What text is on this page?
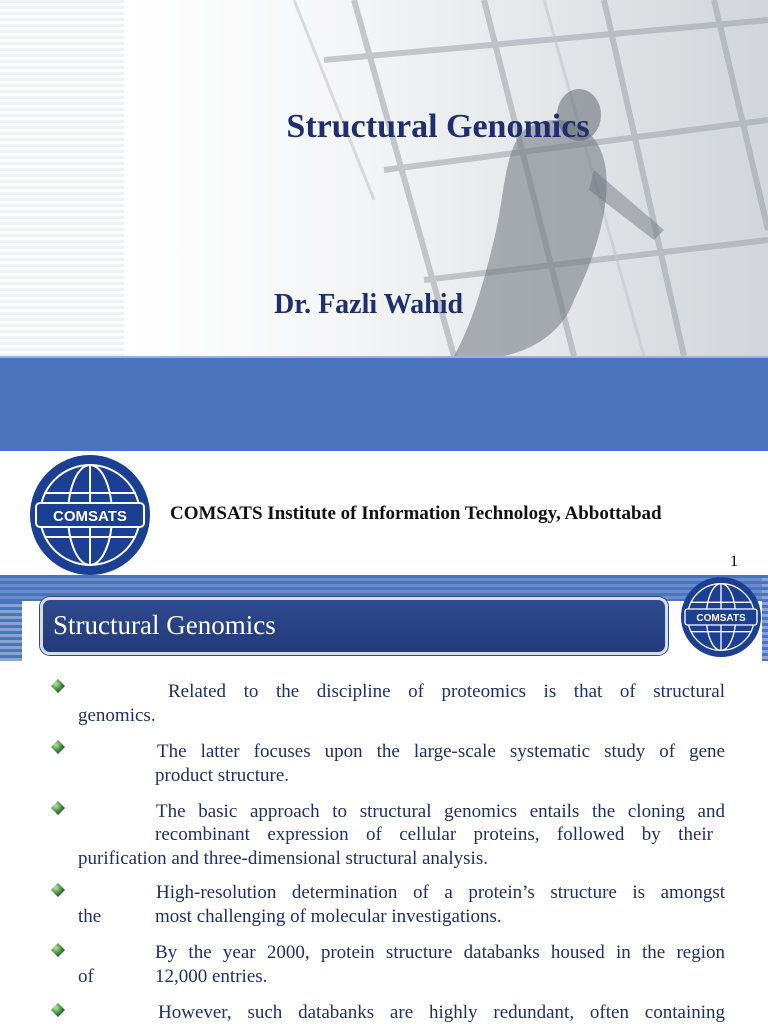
Structural Genomics
Dr. Fazli Wahid
COMSATS COMSATS Institute of Information Technology, Abbottabad
1
Structural Genomics	COMSATS
Related to the discipline of proteomics is that of structural
genomics.
The latter focuses upon the large-scale systematic study of gene
product structure.
The basic approach to structural genomics entails the cloning and
recombinant expression of cellular proteins, followed by their
purification and three-dimensional structural analysis.
High-resolution determination of a protein’s structure is amongst
the	most challenging of molecular investigations.
By the year 2000, protein structure databanks housed in the region
of	12,000 entries.
However, such databanks are highly redundant, often containing
